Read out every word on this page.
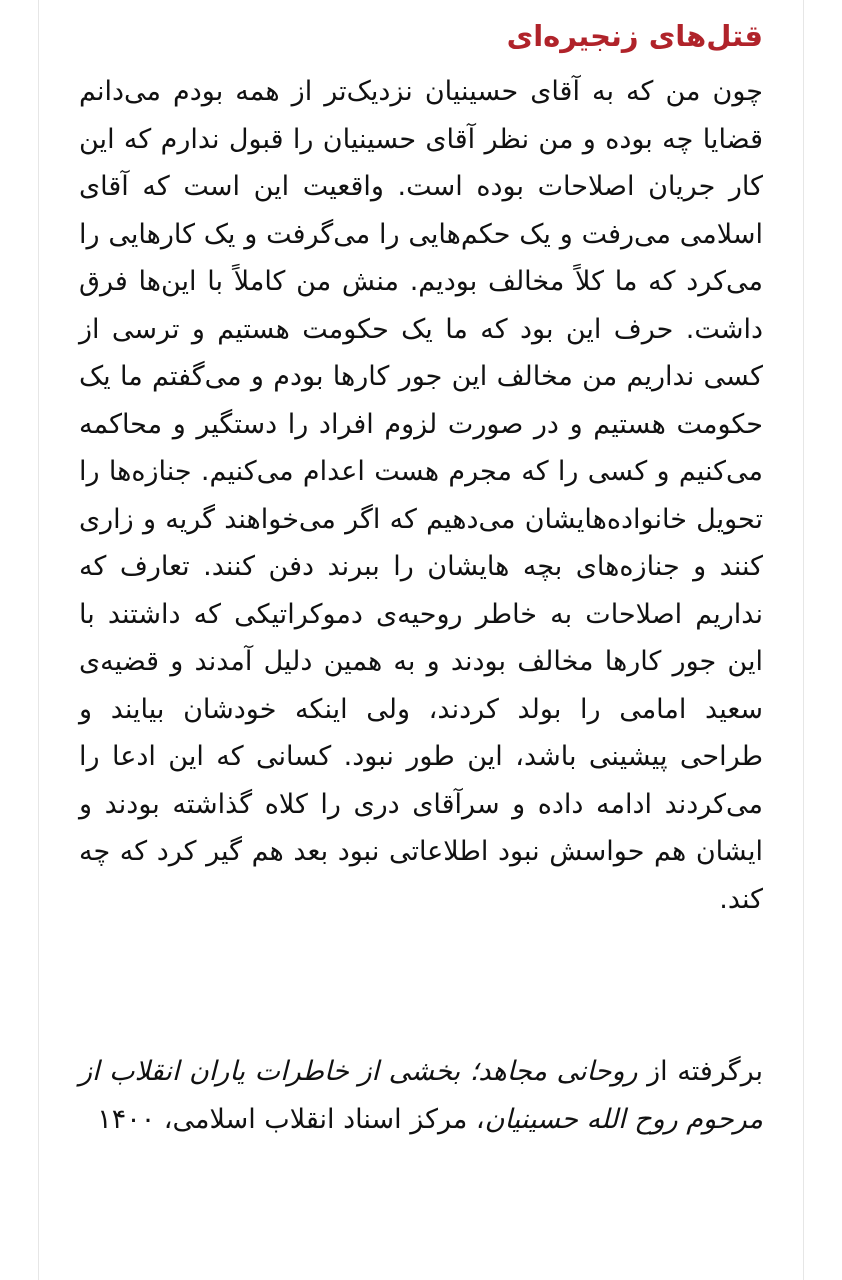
قتل‌های زنجیره‌ای

چون من که به آقای حسینیان نزدیک‌تر از همه بودم می‌دانم قضایا چه بوده و من نظر آقای حسینیان را قبول ندارم که این کار جریان اصلاحات بوده است. واقعیت این است که آقای اسلامی می‌رفت و یک حکم‌هایی را می‌گرفت و یک کارهایی را می‌کرد که ما کلاً مخالف بودیم. منش من کاملاً با این‌ها فرق داشت. حرف این بود که ما یک حکومت هستیم و ترسی از کسی نداریم من مخالف این جور کارها بودم و می‌گفتم ما یک حکومت هستیم و در صورت لزوم افراد را دستگیر و محاکمه می‌کنیم و کسی را که مجرم هست اعدام می‌کنیم. جنازه‌ها را تحویل خانواده‌هایشان می‌دهیم که اگر می‌خواهند گریه و زاری کنند و جنازه‌های بچه هایشان را ببرند دفن کنند. تعارف که نداریم اصلاحات به خاطر روحیه‌ی دموکراتیکی که داشتند با این جور کارها مخالف بودند و به همین دلیل آمدند و قضیه‌ی سعید امامی را بولد کردند، ولی اینکه خودشان بیایند و طراحی پیشینی باشد، این طور نبود. کسانی که این ادعا را می‌کردند ادامه داده و سرآقای دری را کلاه گذاشته بودند و ایشان هم حواسش نبود اطلاعاتی نبود بعد هم گیر کرد که چه کند.

برگرفته از روحانی مجاهد؛ بخشی از خاطرات یاران انقلاب از مرحوم روح الله حسینیان، مرکز اسناد انقلاب اسلامی، ۱۴۰۰
